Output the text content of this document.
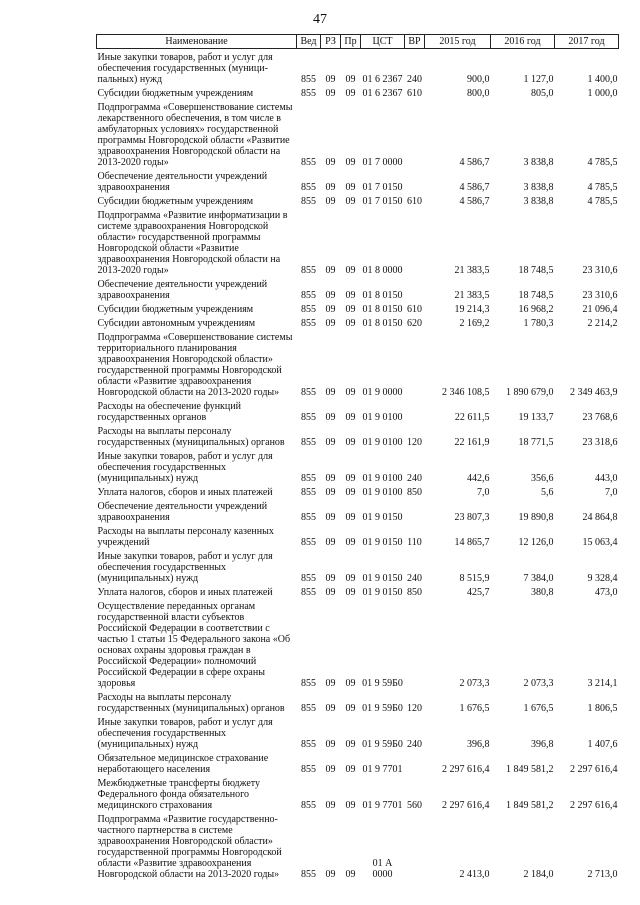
47
Наименование	Вед	РЗ	Пр	ЦСТ	ВР	2015 год	2016 год	2017 год
Иные закупки товаров, работ и услуг для обеспечения государственных (муници-пальных) нужд	855	09	09	01 6 2367	240	900,0	1 127,0	1 400,0
Субсидии бюджетным учреждениям	855	09	09	01 6 2367	610	800,0	805,0	1 000,0
Подпрограмма «Совершенствование системы лекарственного обеспечения, в том числе в амбулаторных условиях» государственной программы Новгородской области «Развитие здравоохранения Новгородской области на 2013-2020 годы»	855	09	09	01 7 0000		4 586,7	3 838,8	4 785,5
Обеспечение деятельности учреждений здравоохранения	855	09	09	01 7 0150		4 586,7	3 838,8	4 785,5
Субсидии бюджетным учреждениям	855	09	09	01 7 0150	610	4 586,7	3 838,8	4 785,5
Подпрограмма «Развитие информатизации в системе здравоохранения Новгородской области» государственной программы Новгородской области «Развитие здравоохранения Новгородской области на 2013-2020 годы»	855	09	09	01 8 0000		21 383,5	18 748,5	23 310,6
Обеспечение деятельности учреждений здравоохранения	855	09	09	01 8 0150		21 383,5	18 748,5	23 310,6
Субсидии бюджетным учреждениям	855	09	09	01 8 0150	610	19 214,3	16 968,2	21 096,4
Субсидии автономным учреждениям	855	09	09	01 8 0150	620	2 169,2	1 780,3	2 214,2
Подпрограмма «Совершенствование системы территориального планирования здравоохранения Новгородской области» государственной программы Новгородской области «Развитие здравоохранения Новгородской области на 2013-2020 годы»	855	09	09	01 9 0000		2 346 108,5	1 890 679,0	2 349 463,9
Расходы на обеспечение функций государственных органов	855	09	09	01 9 0100		22 611,5	19 133,7	23 768,6
Расходы на выплаты персоналу государственных (муниципальных) органов	855	09	09	01 9 0100	120	22 161,9	18 771,5	23 318,6
Иные закупки товаров, работ и услуг для обеспечения государственных (муниципальных) нужд	855	09	09	01 9 0100	240	442,6	356,6	443,0
Уплата налогов, сборов и иных платежей	855	09	09	01 9 0100	850	7,0	5,6	7,0
Обеспечение деятельности учреждений здравоохранения	855	09	09	01 9 0150		23 807,3	19 890,8	24 864,8
Расходы на выплаты персоналу казенных учреждений	855	09	09	01 9 0150	110	14 865,7	12 126,0	15 063,4
Иные закупки товаров, работ и услуг для обеспечения государственных (муниципальных) нужд	855	09	09	01 9 0150	240	8 515,9	7 384,0	9 328,4
Уплата налогов, сборов и иных платежей	855	09	09	01 9 0150	850	425,7	380,8	473,0
Осуществление переданных органам государственной власти субъектов Российской Федерации в соответствии с частью 1 статьи 15 Федерального закона «Об основах охраны здоровья граждан в Российской Федерации» полномочий Российской Федерации в сфере охраны здоровья	855	09	09	01 9 59Б0		2 073,3	2 073,3	3 214,1
Расходы на выплаты персоналу государственных (муниципальных) органов	855	09	09	01 9 59Б0	120	1 676,5	1 676,5	1 806,5
Иные закупки товаров, работ и услуг для обеспечения государственных (муниципальных) нужд	855	09	09	01 9 59Б0	240	396,8	396,8	1 407,6
Обязательное медицинское страхование неработающего населения	855	09	09	01 9 7701		2 297 616,4	1 849 581,2	2 297 616,4
Межбюджетные трансферты бюджету Федерального фонда обязательного медицинского страхования	855	09	09	01 9 7701	560	2 297 616,4	1 849 581,2	2 297 616,4
Подпрограмма «Развитие государственно-частного партнерства в системе здравоохранения Новгородской области» государственной программы Новгородской области «Развитие здравоохранения Новгородской области на 2013-2020 годы»	855	09	09	01 А 0000		2 413,0	2 184,0	2 713,0
